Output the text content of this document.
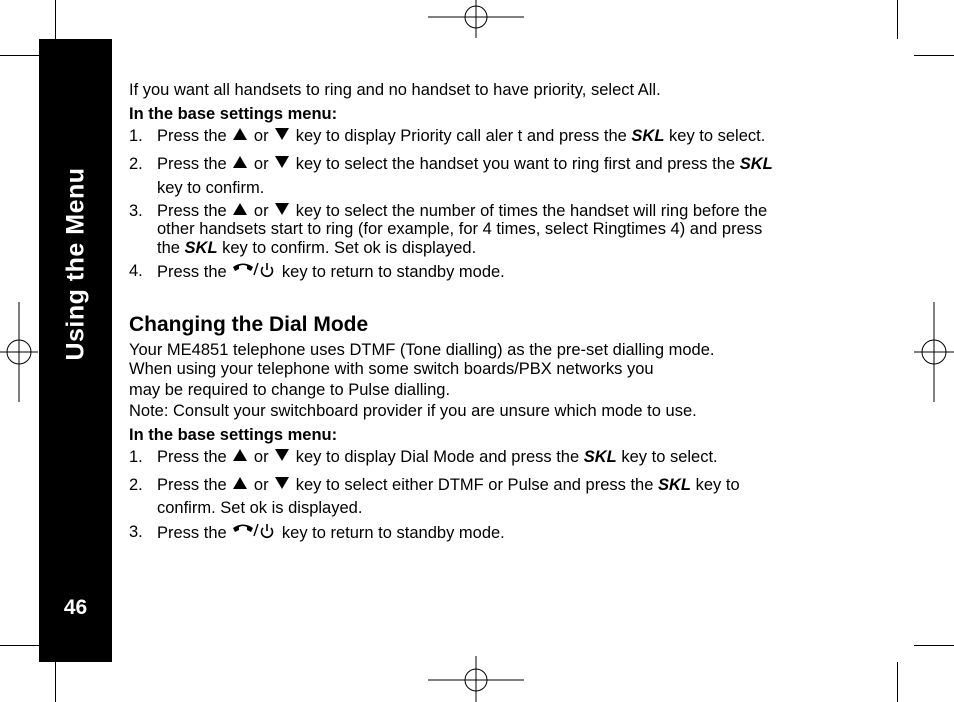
Using the Menu
46
If you want all handsets to ring and no handset to have priority, select All.
In the base settings menu:
1. Press the or key to display Priority call aler t and press the SKL key to select.
2. Press the or key to select the handset you want to ring first and press the SKL
key to confirm.
3. Press the or key to select the number of times the handset will ring before the
other handsets start to ring (for example, for 4 times, select Ringtimes 4) and press
the SKL key to confirm. Set ok is displayed.
4. Press the	key to return to standby mode.
Changing the Dial Mode
Your ME4851 telephone uses DTMF (Tone dialling) as the pre-set dialling mode.
When using your telephone with some switch boards/PBX networks you
may be required to change to Pulse dialling.
Note: Consult your switchboard provider if you are unsure which mode to use.
In the base settings menu:
1. Press the or key to display Dial Mode and press the SKL key to select.
2. Press the or key to select either DTMF or Pulse and press the SKL key to
confirm. Set ok is displayed.
3. Press the	key to return to standby mode.
